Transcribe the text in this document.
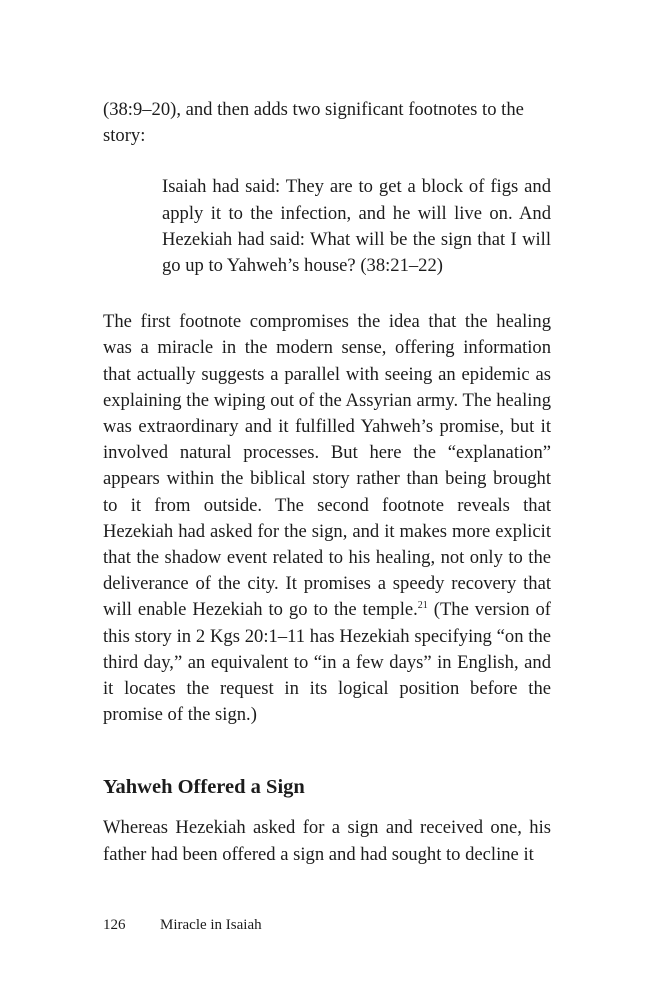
(38:9–20), and then adds two significant footnotes to the story:

Isaiah had said: They are to get a block of figs and apply it to the infection, and he will live on. And Hezekiah had said: What will be the sign that I will go up to Yahweh’s house? (38:21–22)

The first footnote compromises the idea that the healing was a miracle in the modern sense, offering information that actually suggests a parallel with seeing an epidemic as explaining the wiping out of the Assyrian army. The healing was extraordinary and it fulfilled Yahweh’s promise, but it involved natural processes. But here the “explanation” appears within the biblical story rather than being brought to it from outside. The second footnote reveals that Hezekiah had asked for the sign, and it makes more explicit that the shadow event related to his healing, not only to the deliverance of the city. It promises a speedy recovery that will enable Hezekiah to go to the temple.$^{21}$ (The version of this story in 2 Kgs 20:1–11 has Hezekiah specifying “on the third day,” an equivalent to “in a few days” in English, and it locates the request in its logical position before the promise of the sign.)

Yahweh Offered a Sign

Whereas Hezekiah asked for a sign and received one, his father had been offered a sign and had sought to decline it

126 Miracle in Isaiah
